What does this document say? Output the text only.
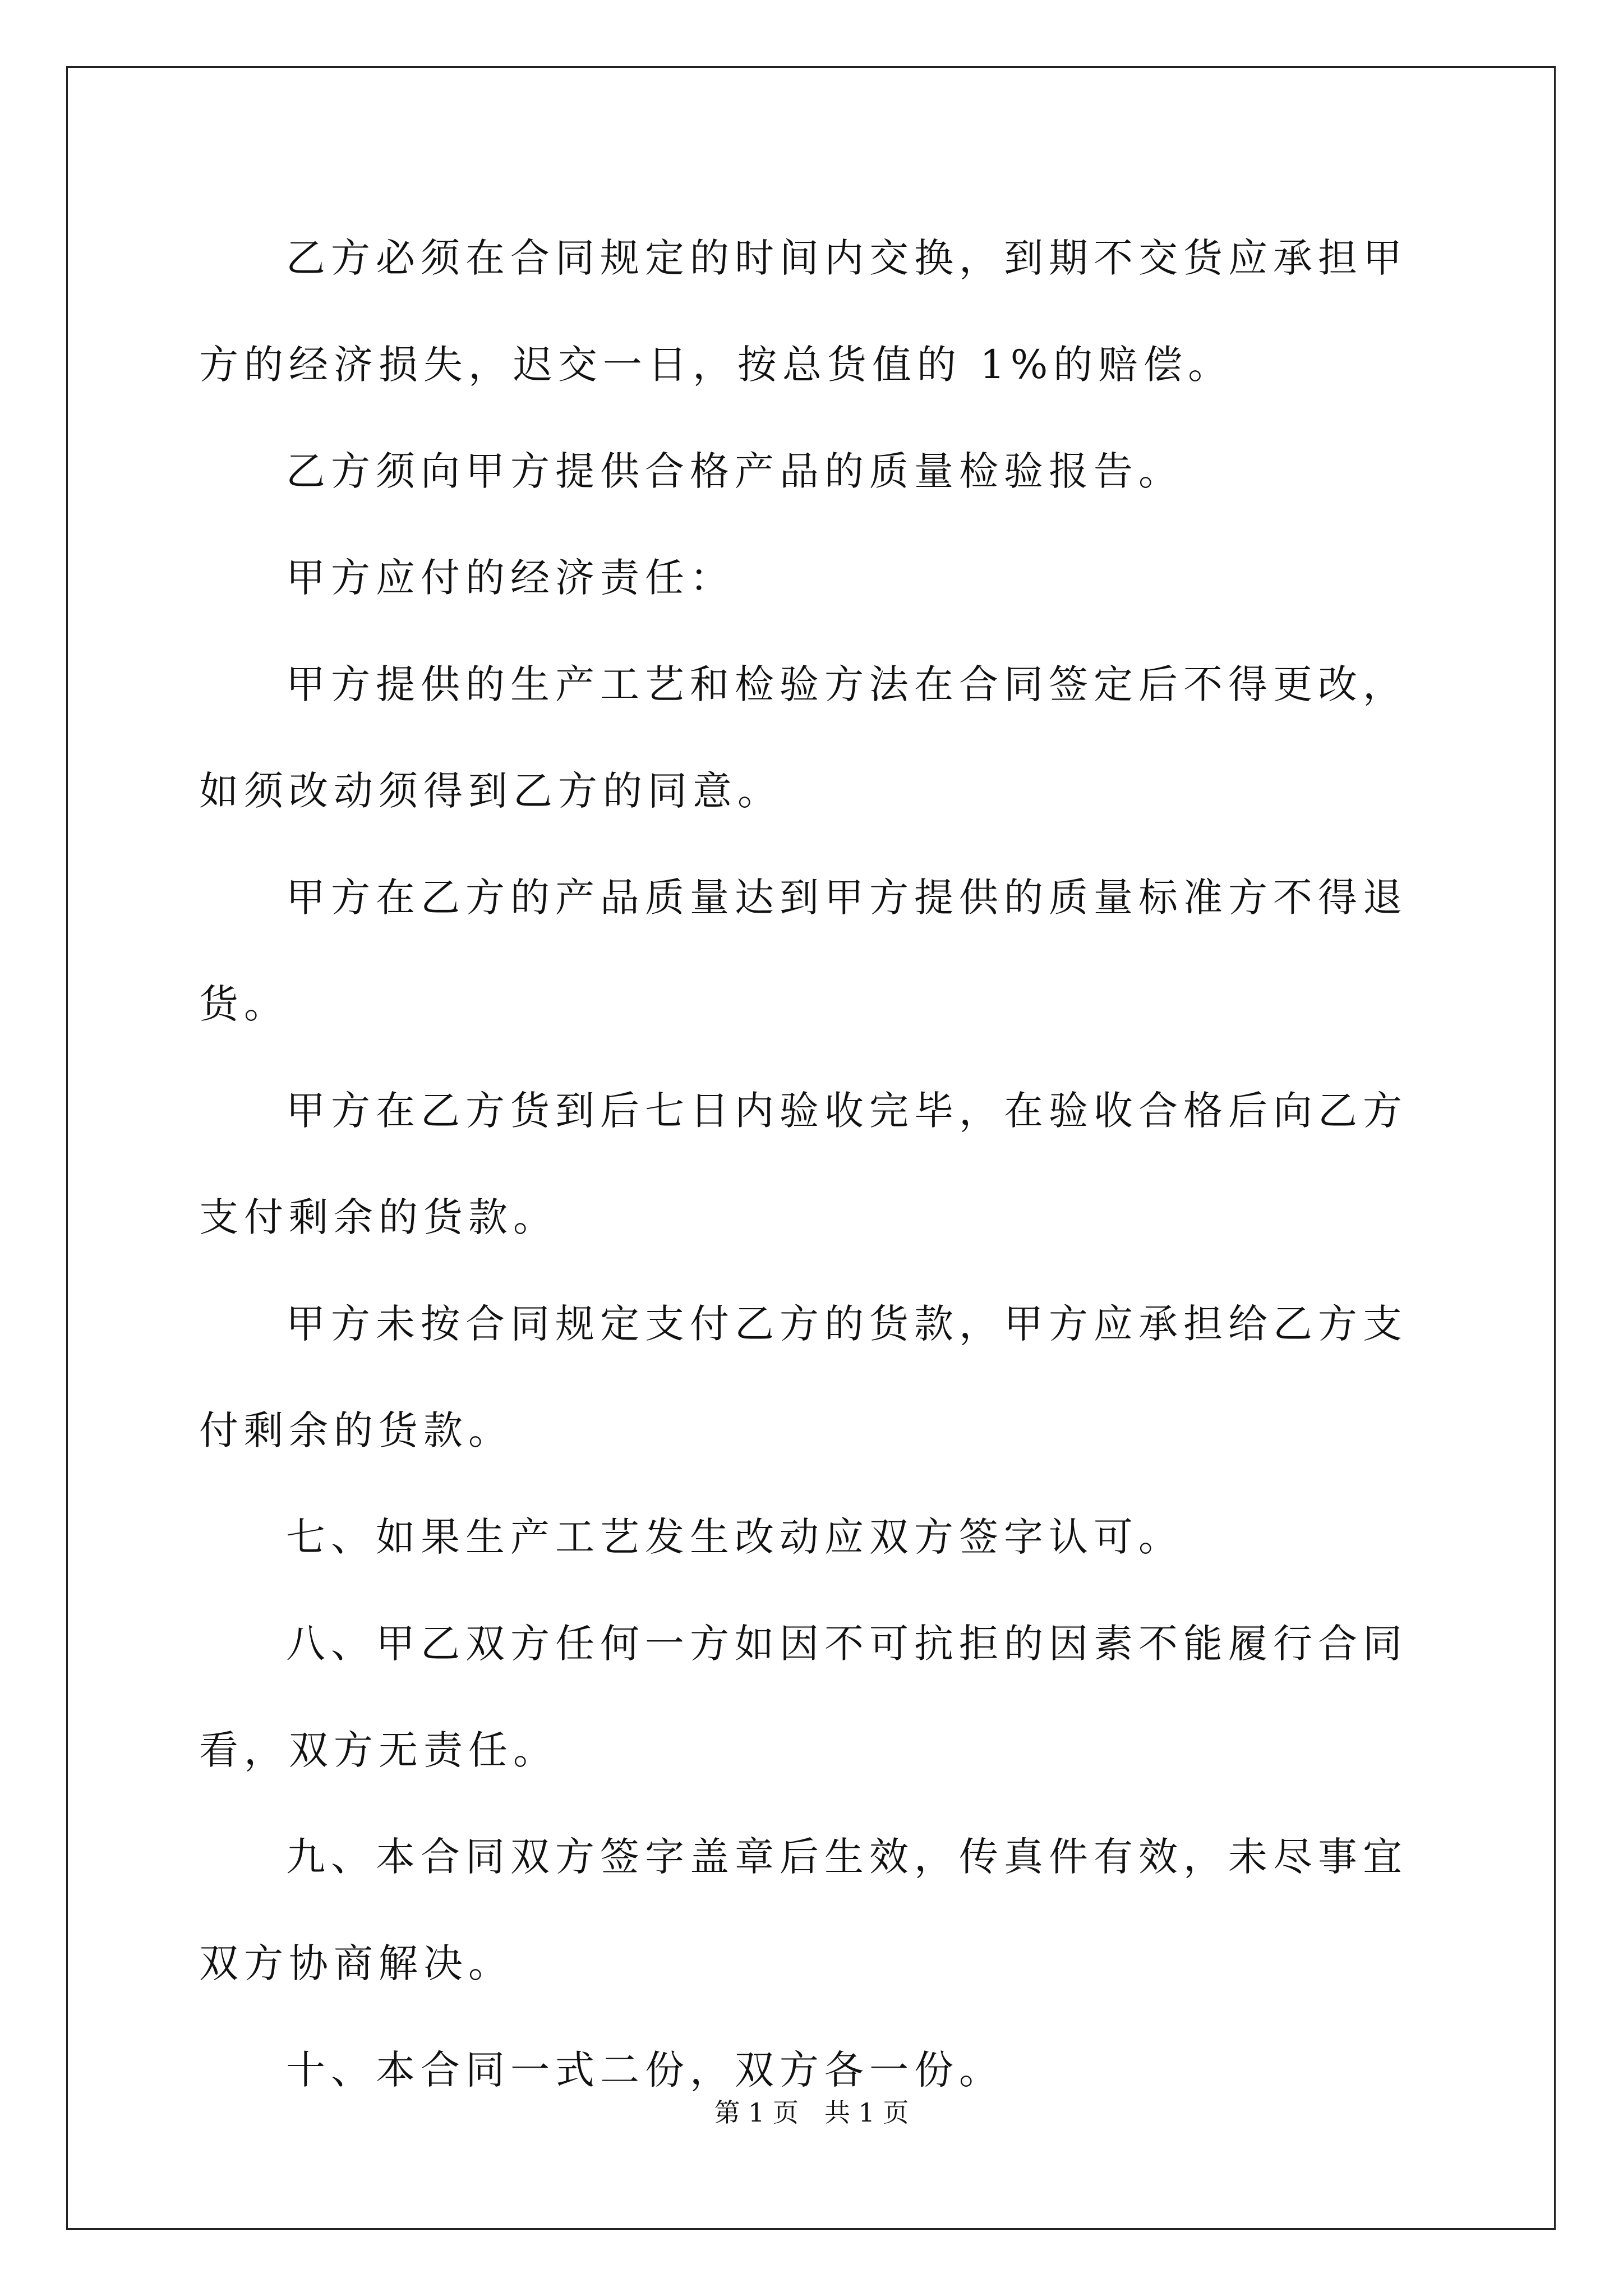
乙方必须在合同规定的时间内交换，到期不交货应承担甲方的经济损失，迟交一日，按总货值的 1%的赔偿。

乙方须向甲方提供合格产品的质量检验报告。

甲方应付的经济责任：

甲方提供的生产工艺和检验方法在合同签定后不得更改，如须改动须得到乙方的同意。

甲方在乙方的产品质量达到甲方提供的质量标准方不得退货。

甲方在乙方货到后七日内验收完毕，在验收合格后向乙方支付剩余的货款。

甲方未按合同规定支付乙方的货款，甲方应承担给乙方支付剩余的货款。

七、如果生产工艺发生改动应双方签字认可。

八、甲乙双方任何一方如因不可抗拒的因素不能履行合同看，双方无责任。

九、本合同双方签字盖章后生效，传真件有效，未尽事宜双方协商解决。

十、本合同一式二份，双方各一份。

第 1 页　共 1 页
